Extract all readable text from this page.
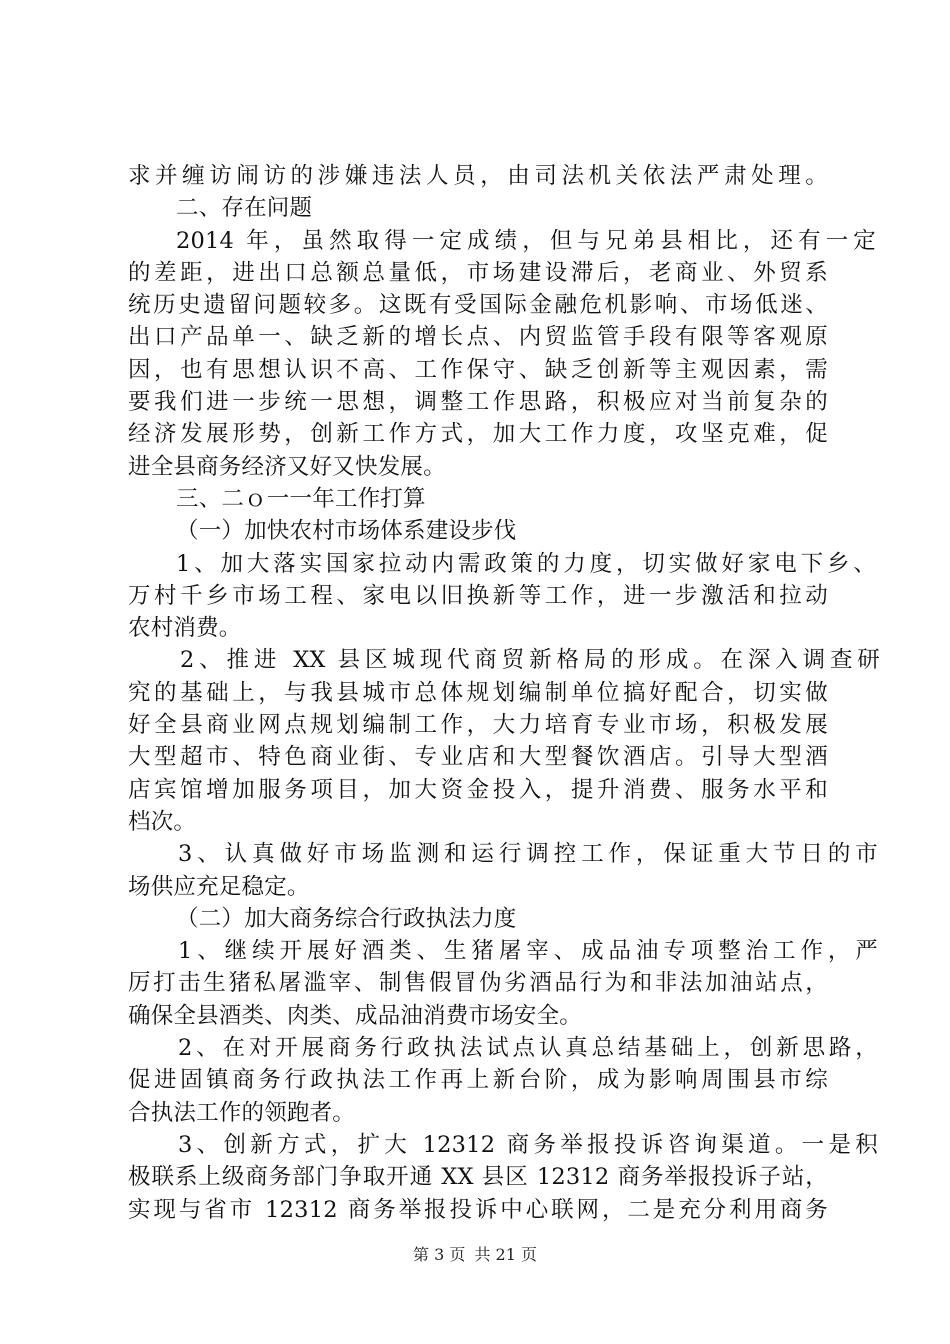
求并缠访闹访的涉嫌违法人员，由司法机关依法严肃处理。
二、存在问题
2014 年，虽然取得一定成绩，但与兄弟县相比，还有一定
的差距，进出口总额总量低，市场建设滞后，老商业、外贸系
统历史遗留问题较多。这既有受国际金融危机影响、市场低迷、
出口产品单一、缺乏新的增长点、内贸监管手段有限等客观原
因，也有思想认识不高、工作保守、缺乏创新等主观因素，需
要我们进一步统一思想，调整工作思路，积极应对当前复杂的
经济发展形势，创新工作方式，加大工作力度，攻坚克难，促
进全县商务经济又好又快发展。
三、二ｏ一一年工作打算
（一）加快农村市场体系建设步伐
1、加大落实国家拉动内需政策的力度，切实做好家电下乡、
万村千乡市场工程、家电以旧换新等工作，进一步激活和拉动
农村消费。
2、推进 XX 县区城现代商贸新格局的形成。在深入调查研
究的基础上，与我县城市总体规划编制单位搞好配合，切实做
好全县商业网点规划编制工作，大力培育专业市场，积极发展
大型超市、特色商业街、专业店和大型餐饮酒店。引导大型酒
店宾馆增加服务项目，加大资金投入，提升消费、服务水平和
档次。
3、认真做好市场监测和运行调控工作，保证重大节日的市
场供应充足稳定。
（二）加大商务综合行政执法力度
1、继续开展好酒类、生猪屠宰、成品油专项整治工作，严
厉打击生猪私屠滥宰、制售假冒伪劣酒品行为和非法加油站点，
确保全县酒类、肉类、成品油消费市场安全。
2、在对开展商务行政执法试点认真总结基础上，创新思路，
促进固镇商务行政执法工作再上新台阶，成为影响周围县市综
合执法工作的领跑者。
3、创新方式，扩大 12312 商务举报投诉咨询渠道。一是积
极联系上级商务部门争取开通 XX 县区 12312 商务举报投诉子站，
实现与省市 12312 商务举报投诉中心联网，二是充分利用商务
第 3 页 共 21 页
